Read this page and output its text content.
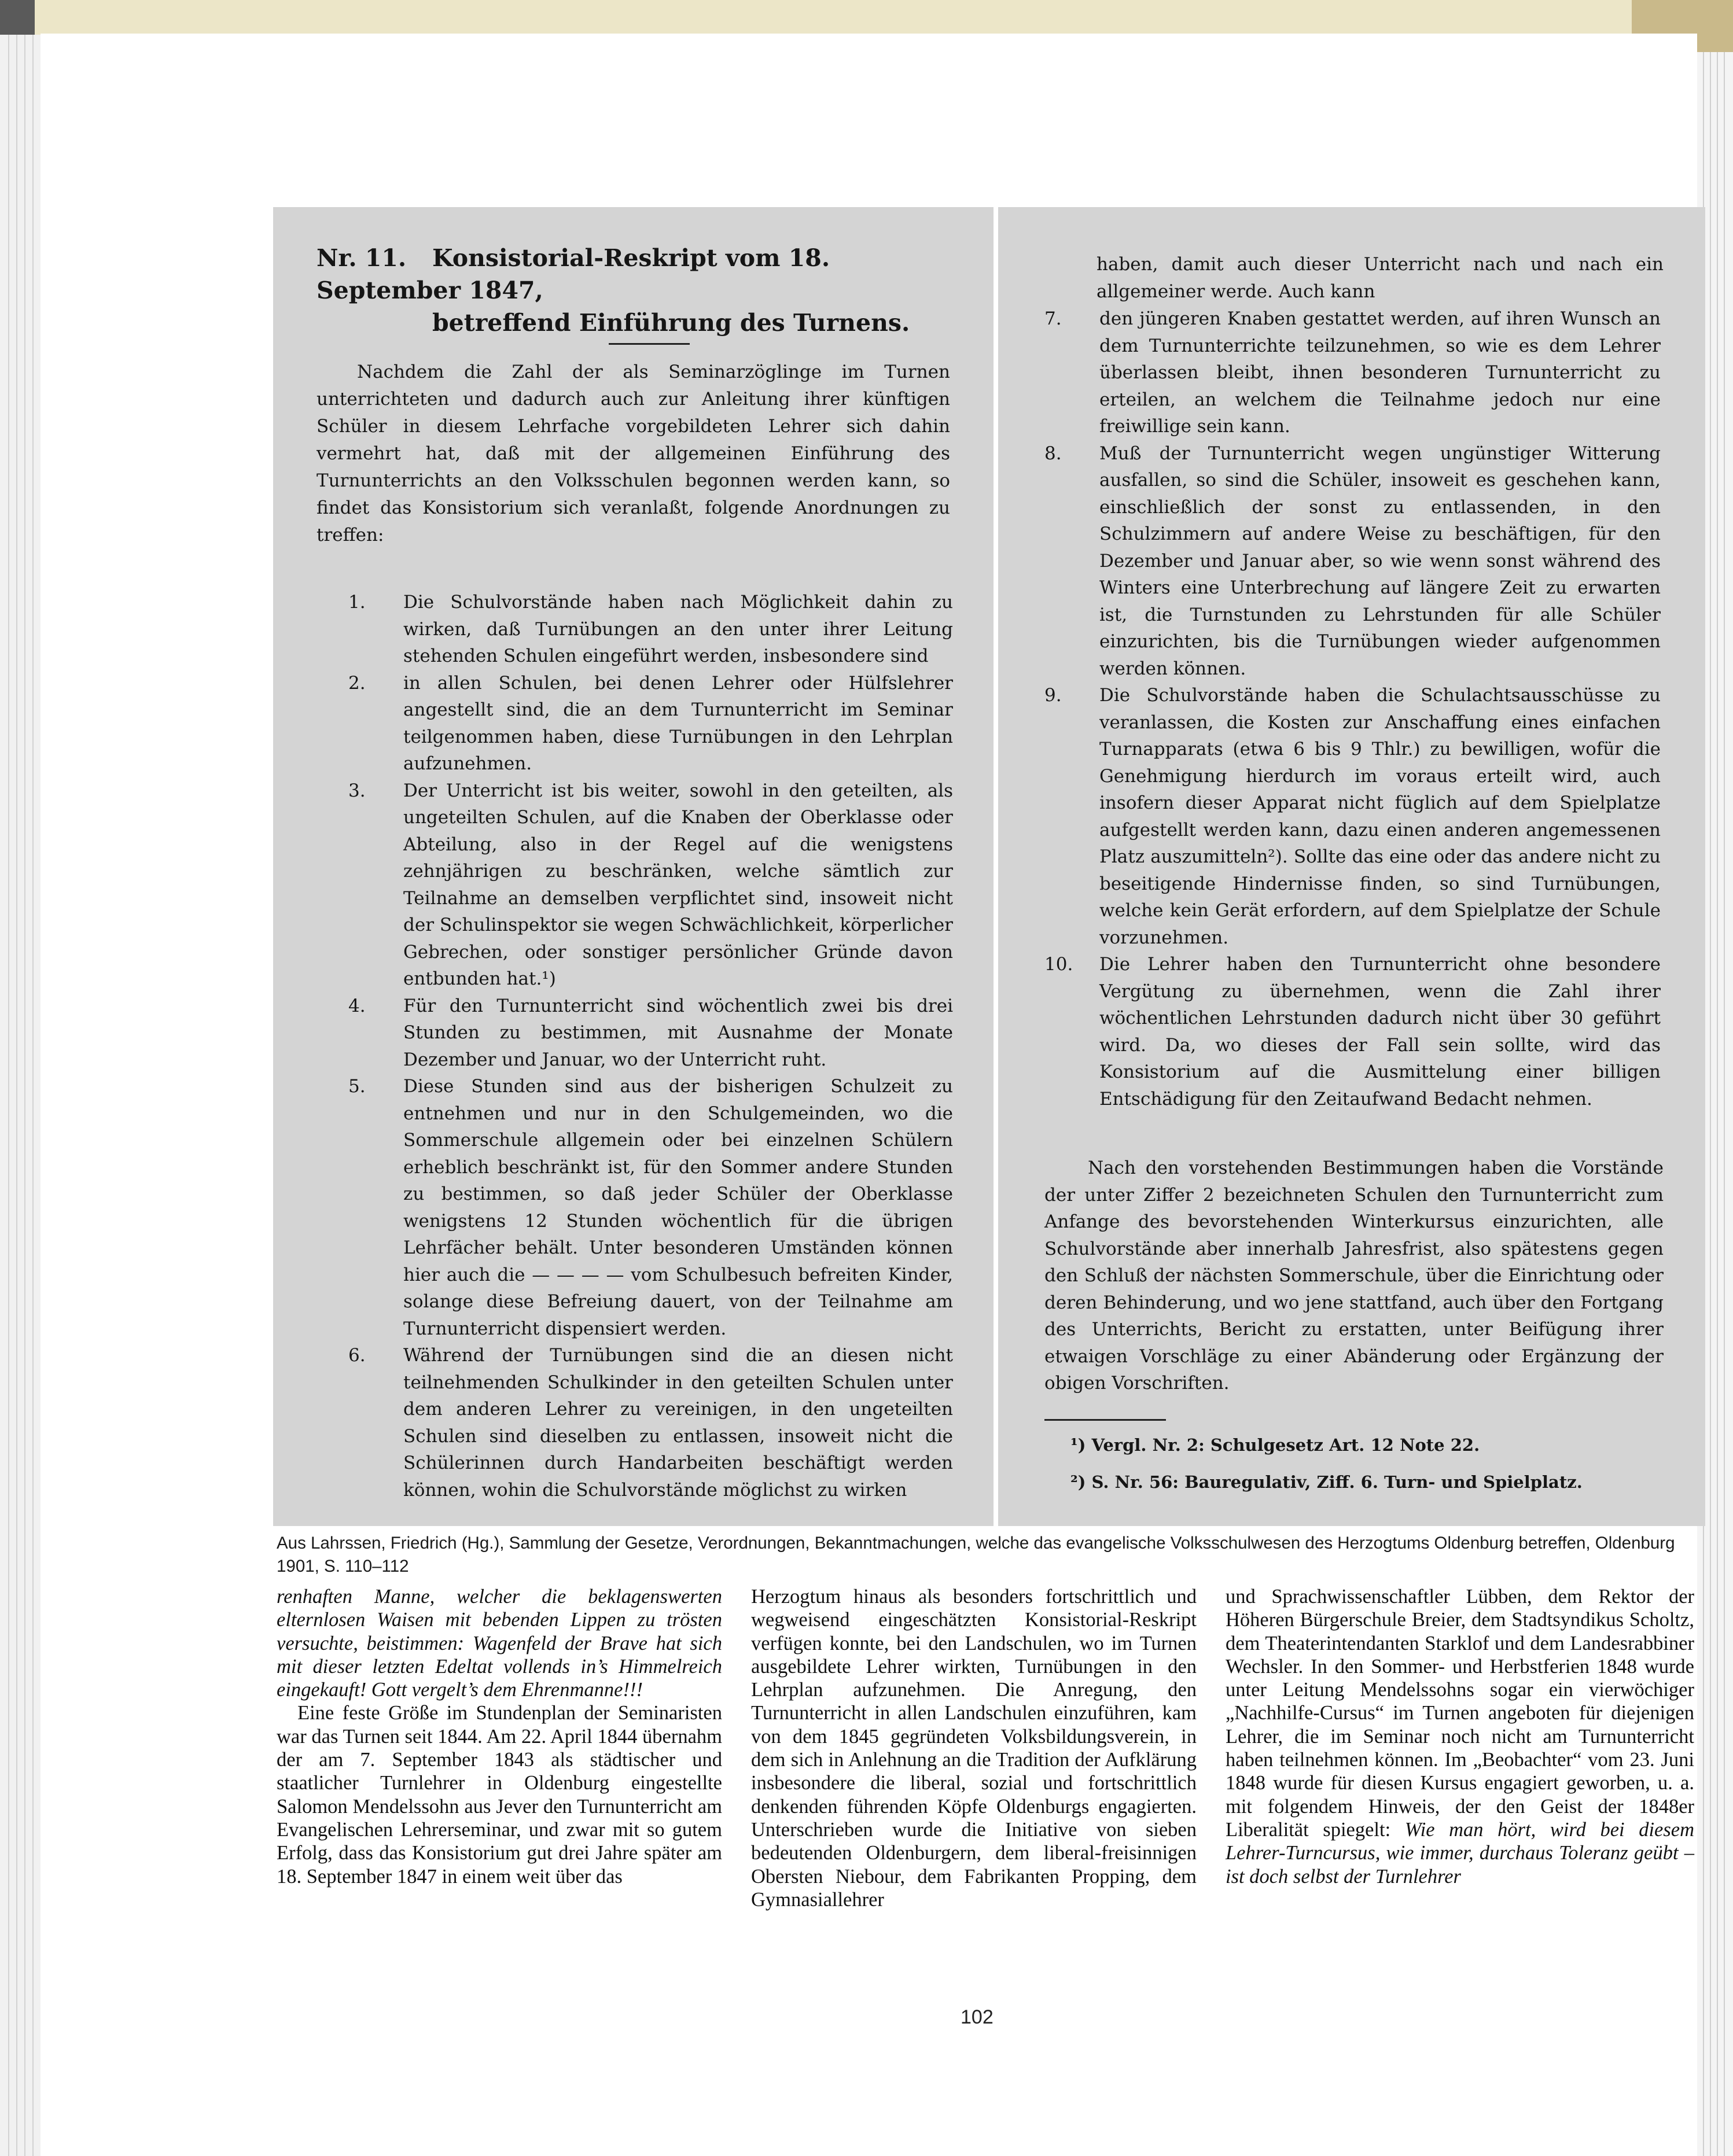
Nr. 11. Konsistorial-Reskript vom 18. September 1847,
betreffend Einführung des Turnens.
Nachdem die Zahl der als Seminarzöglinge im Turnen unterrichteten und dadurch auch zur Anleitung ihrer künftigen Schüler in diesem Lehrfache vorgebildeten Lehrer sich dahin vermehrt hat, daß mit der allgemeinen Einführung des Turnunterrichts an den Volksschulen begonnen werden kann, so findet das Konsistorium sich veranlaßt, folgende Anordnungen zu treffen:
1.	Die Schulvorstände haben nach Möglichkeit dahin zu wirken, daß Turnübungen an den unter ihrer Leitung stehenden Schulen eingeführt werden, insbesondere sind
2.	in allen Schulen, bei denen Lehrer oder Hülfslehrer angestellt sind, die an dem Turnunterricht im Seminar teilgenommen haben, diese Turnübungen in den Lehrplan aufzunehmen.
3.	Der Unterricht ist bis weiter, sowohl in den geteilten, als ungeteilten Schulen, auf die Knaben der Oberklasse oder Abteilung, also in der Regel auf die wenigstens zehnjährigen zu beschränken, welche sämtlich zur Teilnahme an demselben verpflichtet sind, insoweit nicht der Schulinspektor sie wegen Schwächlichkeit, körperlicher Gebrechen, oder sonstiger persönlicher Gründe davon entbunden hat.¹)
4.	Für den Turnunterricht sind wöchentlich zwei bis drei Stunden zu bestimmen, mit Ausnahme der Monate Dezember und Januar, wo der Unterricht ruht.
5.	Diese Stunden sind aus der bisherigen Schulzeit zu entnehmen und nur in den Schulgemeinden, wo die Sommerschule allgemein oder bei einzelnen Schülern erheblich beschränkt ist, für den Sommer andere Stunden zu bestimmen, so daß jeder Schüler der Oberklasse wenigstens 12 Stunden wöchentlich für die übrigen Lehrfächer behält. Unter besonderen Umständen können hier auch die — — — — vom Schulbesuch befreiten Kinder, solange diese Befreiung dauert, von der Teilnahme am Turnunterricht dispensiert werden.
6.	Während der Turnübungen sind die an diesen nicht teilnehmenden Schulkinder in den geteilten Schulen unter dem anderen Lehrer zu vereinigen, in den ungeteilten Schulen sind dieselben zu entlassen, insoweit nicht die Schülerinnen durch Handarbeiten beschäftigt werden können, wohin die Schulvorstände möglichst zu wirken
haben, damit auch dieser Unterricht nach und nach ein allgemeiner werde. Auch kann
7.	den jüngeren Knaben gestattet werden, auf ihren Wunsch an dem Turnunterrichte teilzunehmen, so wie es dem Lehrer überlassen bleibt, ihnen besonderen Turnunterricht zu erteilen, an welchem die Teilnahme jedoch nur eine freiwillige sein kann.
8.	Muß der Turnunterricht wegen ungünstiger Witterung ausfallen, so sind die Schüler, insoweit es geschehen kann, einschließlich der sonst zu entlassenden, in den Schulzimmern auf andere Weise zu beschäftigen, für den Dezember und Januar aber, so wie wenn sonst während des Winters eine Unterbrechung auf längere Zeit zu erwarten ist, die Turnstunden zu Lehrstunden für alle Schüler einzurichten, bis die Turnübungen wieder aufgenommen werden können.
9.	Die Schulvorstände haben die Schulachtsausschüsse zu veranlassen, die Kosten zur Anschaffung eines einfachen Turnapparats (etwa 6 bis 9 Thlr.) zu bewilligen, wofür die Genehmigung hierdurch im voraus erteilt wird, auch insofern dieser Apparat nicht füglich auf dem Spielplatze aufgestellt werden kann, dazu einen anderen angemessenen Platz auszumitteln²). Sollte das eine oder das andere nicht zu beseitigende Hindernisse finden, so sind Turnübungen, welche kein Gerät erfordern, auf dem Spielplatze der Schule vorzunehmen.
10.	Die Lehrer haben den Turnunterricht ohne besondere Vergütung zu übernehmen, wenn die Zahl ihrer wöchentlichen Lehrstunden dadurch nicht über 30 geführt wird. Da, wo dieses der Fall sein sollte, wird das Konsistorium auf die Ausmittelung einer billigen Entschädigung für den Zeitaufwand Bedacht nehmen.
Nach den vorstehenden Bestimmungen haben die Vorstände der unter Ziffer 2 bezeichneten Schulen den Turnunterricht zum Anfange des bevorstehenden Winterkursus einzurichten, alle Schulvorstände aber innerhalb Jahresfrist, also spätestens gegen den Schluß der nächsten Sommerschule, über die Einrichtung oder deren Behinderung, und wo jene stattfand, auch über den Fortgang des Unterrichts, Bericht zu erstatten, unter Beifügung ihrer etwaigen Vorschläge zu einer Abänderung oder Ergänzung der obigen Vorschriften.
¹) Vergl. Nr. 2: Schulgesetz Art. 12 Note 22.
²) S. Nr. 56: Bauregulativ, Ziff. 6. Turn- und Spielplatz.
Aus Lahrssen, Friedrich (Hg.), Sammlung der Gesetze, Verordnungen, Bekanntmachungen, welche das evangelische Volksschulwesen des Herzogtums Oldenburg betreffen, Oldenburg 1901, S. 110–112

renhaften Manne, welcher die beklagenswerten elternlosen Waisen mit bebenden Lippen zu trösten versuchte, beistimmen: Wagenfeld der Brave hat sich mit dieser letzten Edeltat vollends in’s Himmelreich eingekauft! Gott vergelt’s dem Ehrenmanne!!!

Eine feste Größe im Stundenplan der Seminaristen war das Turnen seit 1844. Am 22. April 1844 übernahm der am 7. September 1843 als städtischer und staatlicher Turnlehrer in Oldenburg eingestellte Salomon Mendelssohn aus Jever den Turnunterricht am Evangelischen Lehrerseminar, und zwar mit so gutem Erfolg, dass das Konsistorium gut drei Jahre später am 18. September 1847 in einem weit über das

Herzogtum hinaus als besonders fortschrittlich und wegweisend eingeschätzten Konsistorial-Reskript verfügen konnte, bei den Landschulen, wo im Turnen ausgebildete Lehrer wirkten, Turnübungen in den Lehrplan aufzunehmen. Die Anregung, den Turnunterricht in allen Landschulen einzuführen, kam von dem 1845 gegründeten Volksbildungsverein, in dem sich in Anlehnung an die Tradition der Aufklärung insbesondere die liberal, sozial und fortschrittlich denkenden führenden Köpfe Oldenburgs engagierten. Unterschrieben wurde die Initiative von sieben bedeutenden Oldenburgern, dem liberal-freisinnigen Obersten Niebour, dem Fabrikanten Propping, dem Gymnasiallehrer

und Sprachwissenschaftler Lübben, dem Rektor der Höheren Bürgerschule Breier, dem Stadtsyndikus Scholtz, dem Theaterintendanten Starklof und dem Landesrabbiner Wechsler. In den Sommer- und Herbstferien 1848 wurde unter Leitung Mendelssohns sogar ein vierwöchiger „Nachhilfe-Cursus“ im Turnen angeboten für diejenigen Lehrer, die im Seminar noch nicht am Turnunterricht haben teilnehmen können. Im „Beobachter“ vom 23. Juni 1848 wurde für diesen Kursus engagiert geworben, u. a. mit folgendem Hinweis, der den Geist der 1848er Liberalität spiegelt: Wie man hört, wird bei diesem Lehrer-Turncursus, wie immer, durchaus Toleranz geübt – ist doch selbst der Turnlehrer

102
